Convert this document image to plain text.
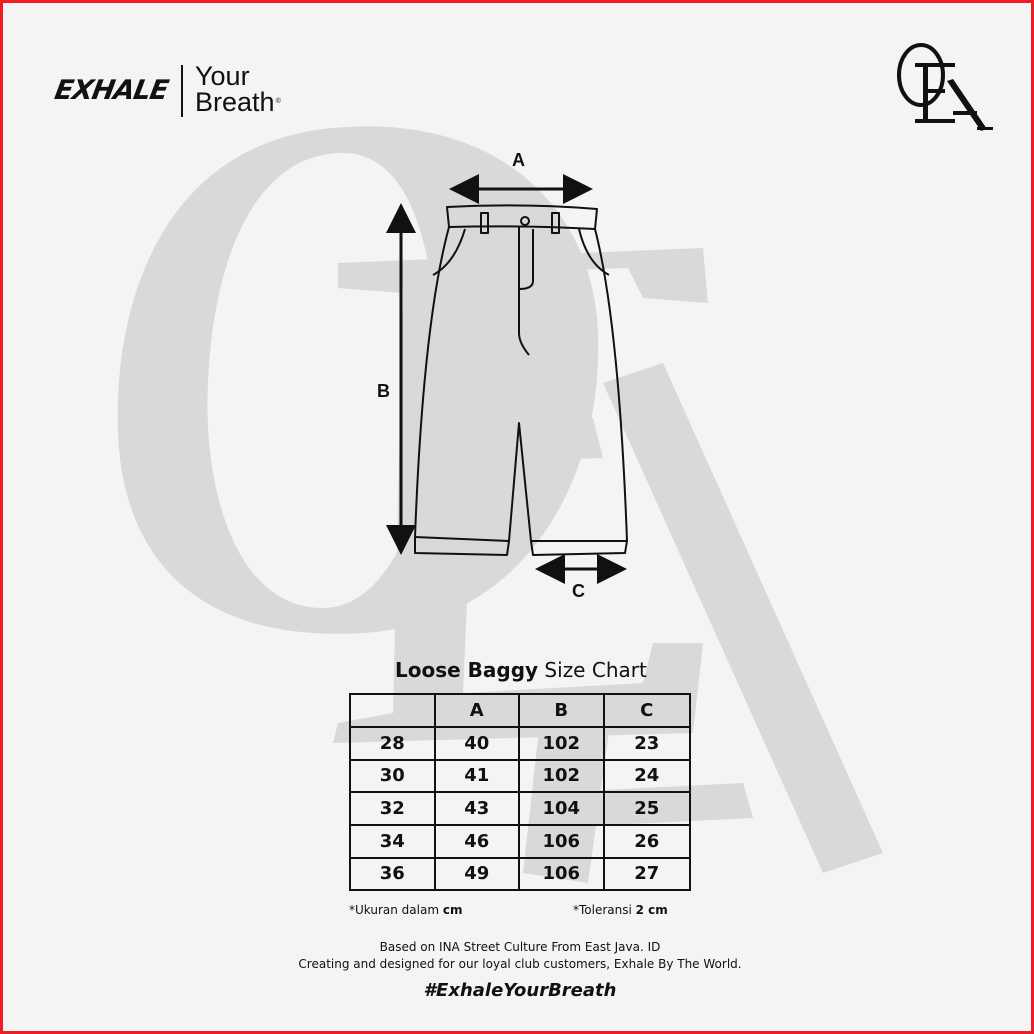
EXHALE Your
Breath®
A
B
C
Loose Baggy Size Chart
	A	B	C
28	40	102	23
30	41	102	24
32	43	104	25
34	46	106	26
36	49	106	27
*Ukuran dalam cm	*Toleransi 2 cm
Based on INA Street Culture From East Java. ID
Creating and designed for our loyal club customers, Exhale By The World.
#ExhaleYourBreath
